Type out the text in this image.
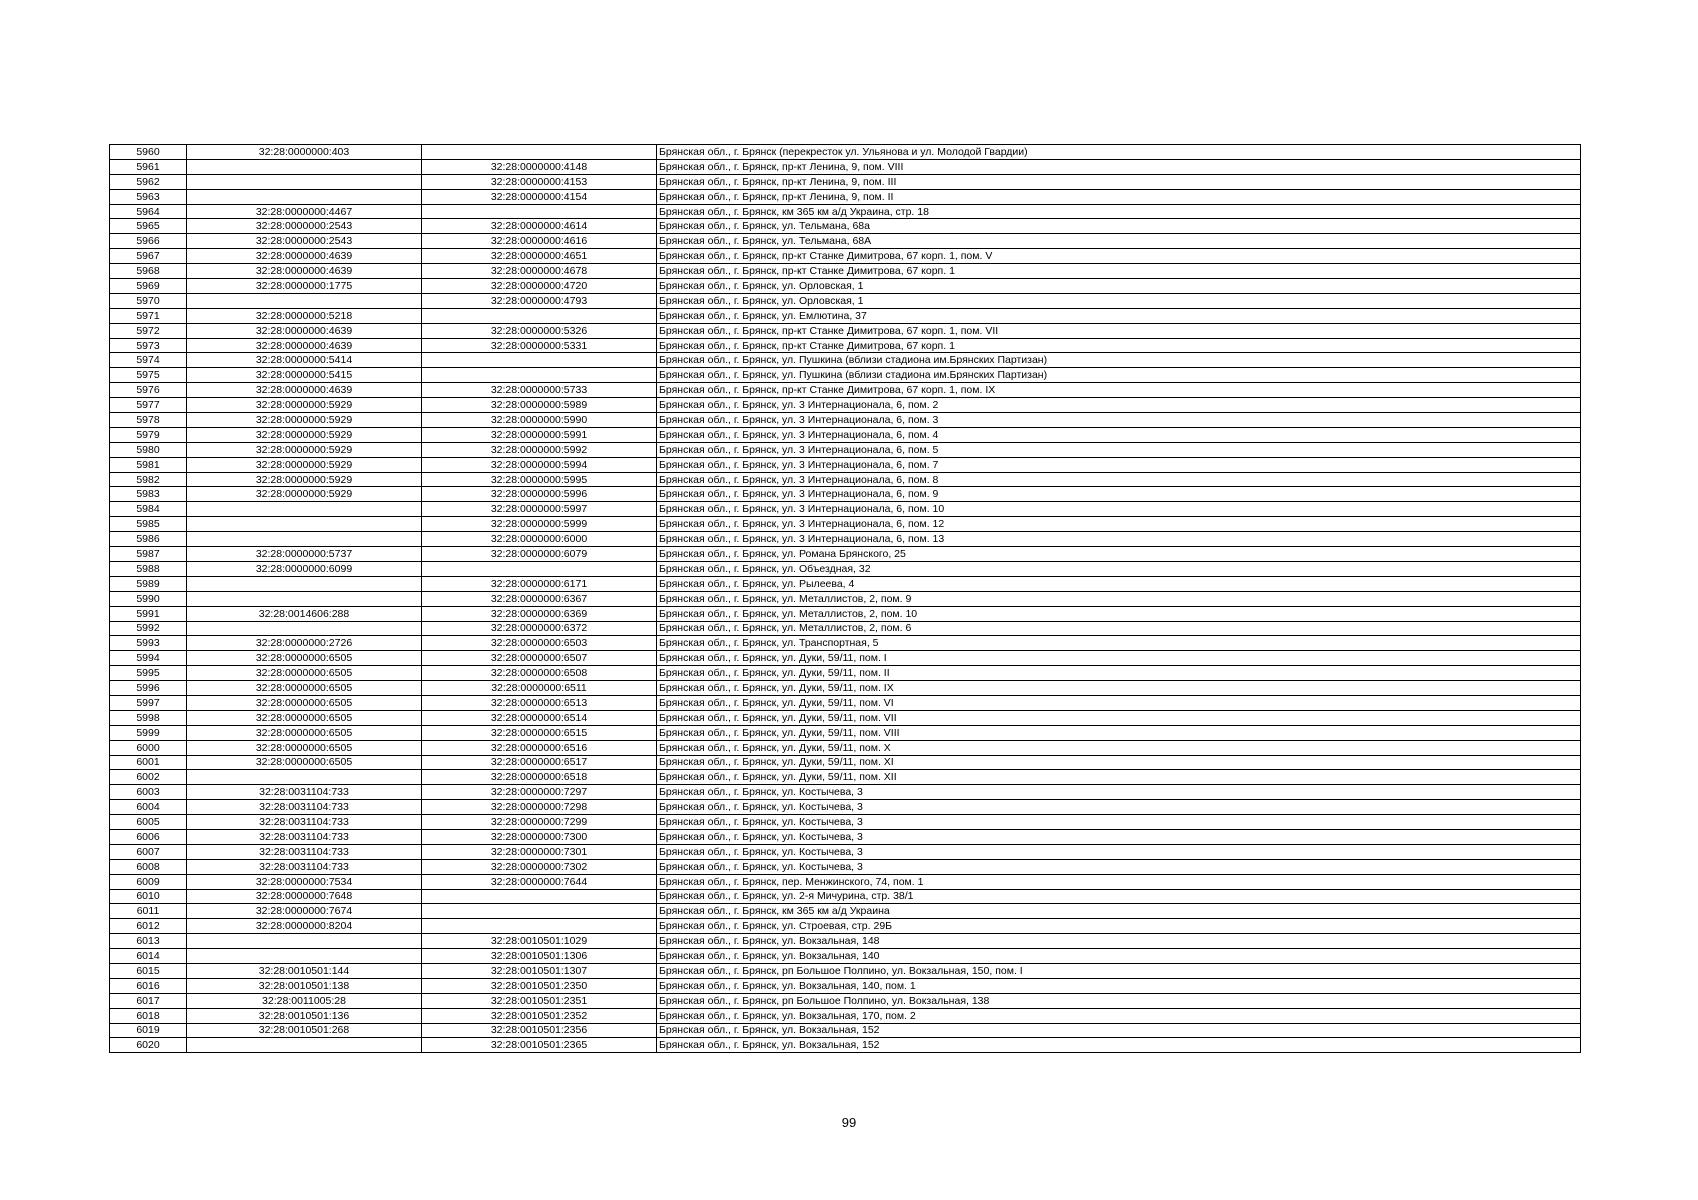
5960	32:28:0000000:403		Брянская обл., г. Брянск (перекресток ул. Ульянова и ул. Молодой Гвардии)
5961		32:28:0000000:4148	Брянская обл., г. Брянск, пр-кт Ленина, 9, пом. VIII
5962		32:28:0000000:4153	Брянская обл., г. Брянск, пр-кт Ленина, 9, пом. III
5963		32:28:0000000:4154	Брянская обл., г. Брянск, пр-кт Ленина, 9, пом. II
5964	32:28:0000000:4467		Брянская обл., г. Брянск, км 365 км а/д Украина, стр. 18
5965	32:28:0000000:2543	32:28:0000000:4614	Брянская обл., г. Брянск, ул. Тельмана, 68а
5966	32:28:0000000:2543	32:28:0000000:4616	Брянская обл., г. Брянск, ул. Тельмана, 68А
5967	32:28:0000000:4639	32:28:0000000:4651	Брянская обл., г. Брянск, пр-кт Станке Димитрова, 67 корп. 1, пом. V
5968	32:28:0000000:4639	32:28:0000000:4678	Брянская обл., г. Брянск, пр-кт Станке Димитрова, 67 корп. 1
5969	32:28:0000000:1775	32:28:0000000:4720	Брянская обл., г. Брянск, ул. Орловская, 1
5970		32:28:0000000:4793	Брянская обл., г. Брянск, ул. Орловская, 1
5971	32:28:0000000:5218		Брянская обл., г. Брянск, ул. Емлютина, 37
5972	32:28:0000000:4639	32:28:0000000:5326	Брянская обл., г. Брянск, пр-кт Станке Димитрова, 67 корп. 1, пом. VII
5973	32:28:0000000:4639	32:28:0000000:5331	Брянская обл., г. Брянск, пр-кт Станке Димитрова, 67 корп. 1
5974	32:28:0000000:5414		Брянская обл., г. Брянск, ул. Пушкина (вблизи стадиона им.Брянских Партизан)
5975	32:28:0000000:5415		Брянская обл., г. Брянск, ул. Пушкина (вблизи стадиона им.Брянских Партизан)
5976	32:28:0000000:4639	32:28:0000000:5733	Брянская обл., г. Брянск, пр-кт Станке Димитрова, 67 корп. 1, пом. IX
5977	32:28:0000000:5929	32:28:0000000:5989	Брянская обл., г. Брянск, ул. 3 Интернационала, 6, пом. 2
5978	32:28:0000000:5929	32:28:0000000:5990	Брянская обл., г. Брянск, ул. 3 Интернационала, 6, пом. 3
5979	32:28:0000000:5929	32:28:0000000:5991	Брянская обл., г. Брянск, ул. 3 Интернационала, 6, пом. 4
5980	32:28:0000000:5929	32:28:0000000:5992	Брянская обл., г. Брянск, ул. 3 Интернационала, 6, пом. 5
5981	32:28:0000000:5929	32:28:0000000:5994	Брянская обл., г. Брянск, ул. 3 Интернационала, 6, пом. 7
5982	32:28:0000000:5929	32:28:0000000:5995	Брянская обл., г. Брянск, ул. 3 Интернационала, 6, пом. 8
5983	32:28:0000000:5929	32:28:0000000:5996	Брянская обл., г. Брянск, ул. 3 Интернационала, 6, пом. 9
5984		32:28:0000000:5997	Брянская обл., г. Брянск, ул. 3 Интернационала, 6, пом. 10
5985		32:28:0000000:5999	Брянская обл., г. Брянск, ул. 3 Интернационала, 6, пом. 12
5986		32:28:0000000:6000	Брянская обл., г. Брянск, ул. 3 Интернационала, 6, пом. 13
5987	32:28:0000000:5737	32:28:0000000:6079	Брянская обл., г. Брянск, ул. Романа Брянского, 25
5988	32:28:0000000:6099		Брянская обл., г. Брянск, ул. Объездная, 32
5989		32:28:0000000:6171	Брянская обл., г. Брянск, ул. Рылеева, 4
5990		32:28:0000000:6367	Брянская обл., г. Брянск, ул. Металлистов, 2, пом. 9
5991	32:28:0014606:288	32:28:0000000:6369	Брянская обл., г. Брянск, ул. Металлистов, 2, пом. 10
5992		32:28:0000000:6372	Брянская обл., г. Брянск, ул. Металлистов, 2, пом. 6
5993	32:28:0000000:2726	32:28:0000000:6503	Брянская обл., г. Брянск, ул. Транспортная, 5
5994	32:28:0000000:6505	32:28:0000000:6507	Брянская обл., г. Брянск, ул. Дуки, 59/11, пом. I
5995	32:28:0000000:6505	32:28:0000000:6508	Брянская обл., г. Брянск, ул. Дуки, 59/11, пом. II
5996	32:28:0000000:6505	32:28:0000000:6511	Брянская обл., г. Брянск, ул. Дуки, 59/11, пом. IX
5997	32:28:0000000:6505	32:28:0000000:6513	Брянская обл., г. Брянск, ул. Дуки, 59/11, пом. VI
5998	32:28:0000000:6505	32:28:0000000:6514	Брянская обл., г. Брянск, ул. Дуки, 59/11, пом. VII
5999	32:28:0000000:6505	32:28:0000000:6515	Брянская обл., г. Брянск, ул. Дуки, 59/11, пом. VIII
6000	32:28:0000000:6505	32:28:0000000:6516	Брянская обл., г. Брянск, ул. Дуки, 59/11, пом. X
6001	32:28:0000000:6505	32:28:0000000:6517	Брянская обл., г. Брянск, ул. Дуки, 59/11, пом. XI
6002		32:28:0000000:6518	Брянская обл., г. Брянск, ул. Дуки, 59/11, пом. XII
6003	32:28:0031104:733	32:28:0000000:7297	Брянская обл., г. Брянск, ул. Костычева, 3
6004	32:28:0031104:733	32:28:0000000:7298	Брянская обл., г. Брянск, ул. Костычева, 3
6005	32:28:0031104:733	32:28:0000000:7299	Брянская обл., г. Брянск, ул. Костычева, 3
6006	32:28:0031104:733	32:28:0000000:7300	Брянская обл., г. Брянск, ул. Костычева, 3
6007	32:28:0031104:733	32:28:0000000:7301	Брянская обл., г. Брянск, ул. Костычева, 3
6008	32:28:0031104:733	32:28:0000000:7302	Брянская обл., г. Брянск, ул. Костычева, 3
6009	32:28:0000000:7534	32:28:0000000:7644	Брянская обл., г. Брянск, пер. Менжинского, 74, пом. 1
6010	32:28:0000000:7648		Брянская обл., г. Брянск, ул. 2-я Мичурина, стр. 38/1
6011	32:28:0000000:7674		Брянская обл., г. Брянск, км 365 км а/д Украина
6012	32:28:0000000:8204		Брянская обл., г. Брянск, ул. Строевая, стр. 29Б
6013		32:28:0010501:1029	Брянская обл., г. Брянск, ул. Вокзальная, 148
6014		32:28:0010501:1306	Брянская обл., г. Брянск, ул. Вокзальная, 140
6015	32:28:0010501:144	32:28:0010501:1307	Брянская обл., г. Брянск, рп Большое Полпино, ул. Вокзальная, 150, пом. I
6016	32:28:0010501:138	32:28:0010501:2350	Брянская обл., г. Брянск, ул. Вокзальная, 140, пом. 1
6017	32:28:0011005:28	32:28:0010501:2351	Брянская обл., г. Брянск, рп Большое Полпино, ул. Вокзальная, 138
6018	32:28:0010501:136	32:28:0010501:2352	Брянская обл., г. Брянск, ул. Вокзальная, 170, пом. 2
6019	32:28:0010501:268	32:28:0010501:2356	Брянская обл., г. Брянск, ул. Вокзальная, 152
6020		32:28:0010501:2365	Брянская обл., г. Брянск, ул. Вокзальная, 152
99
